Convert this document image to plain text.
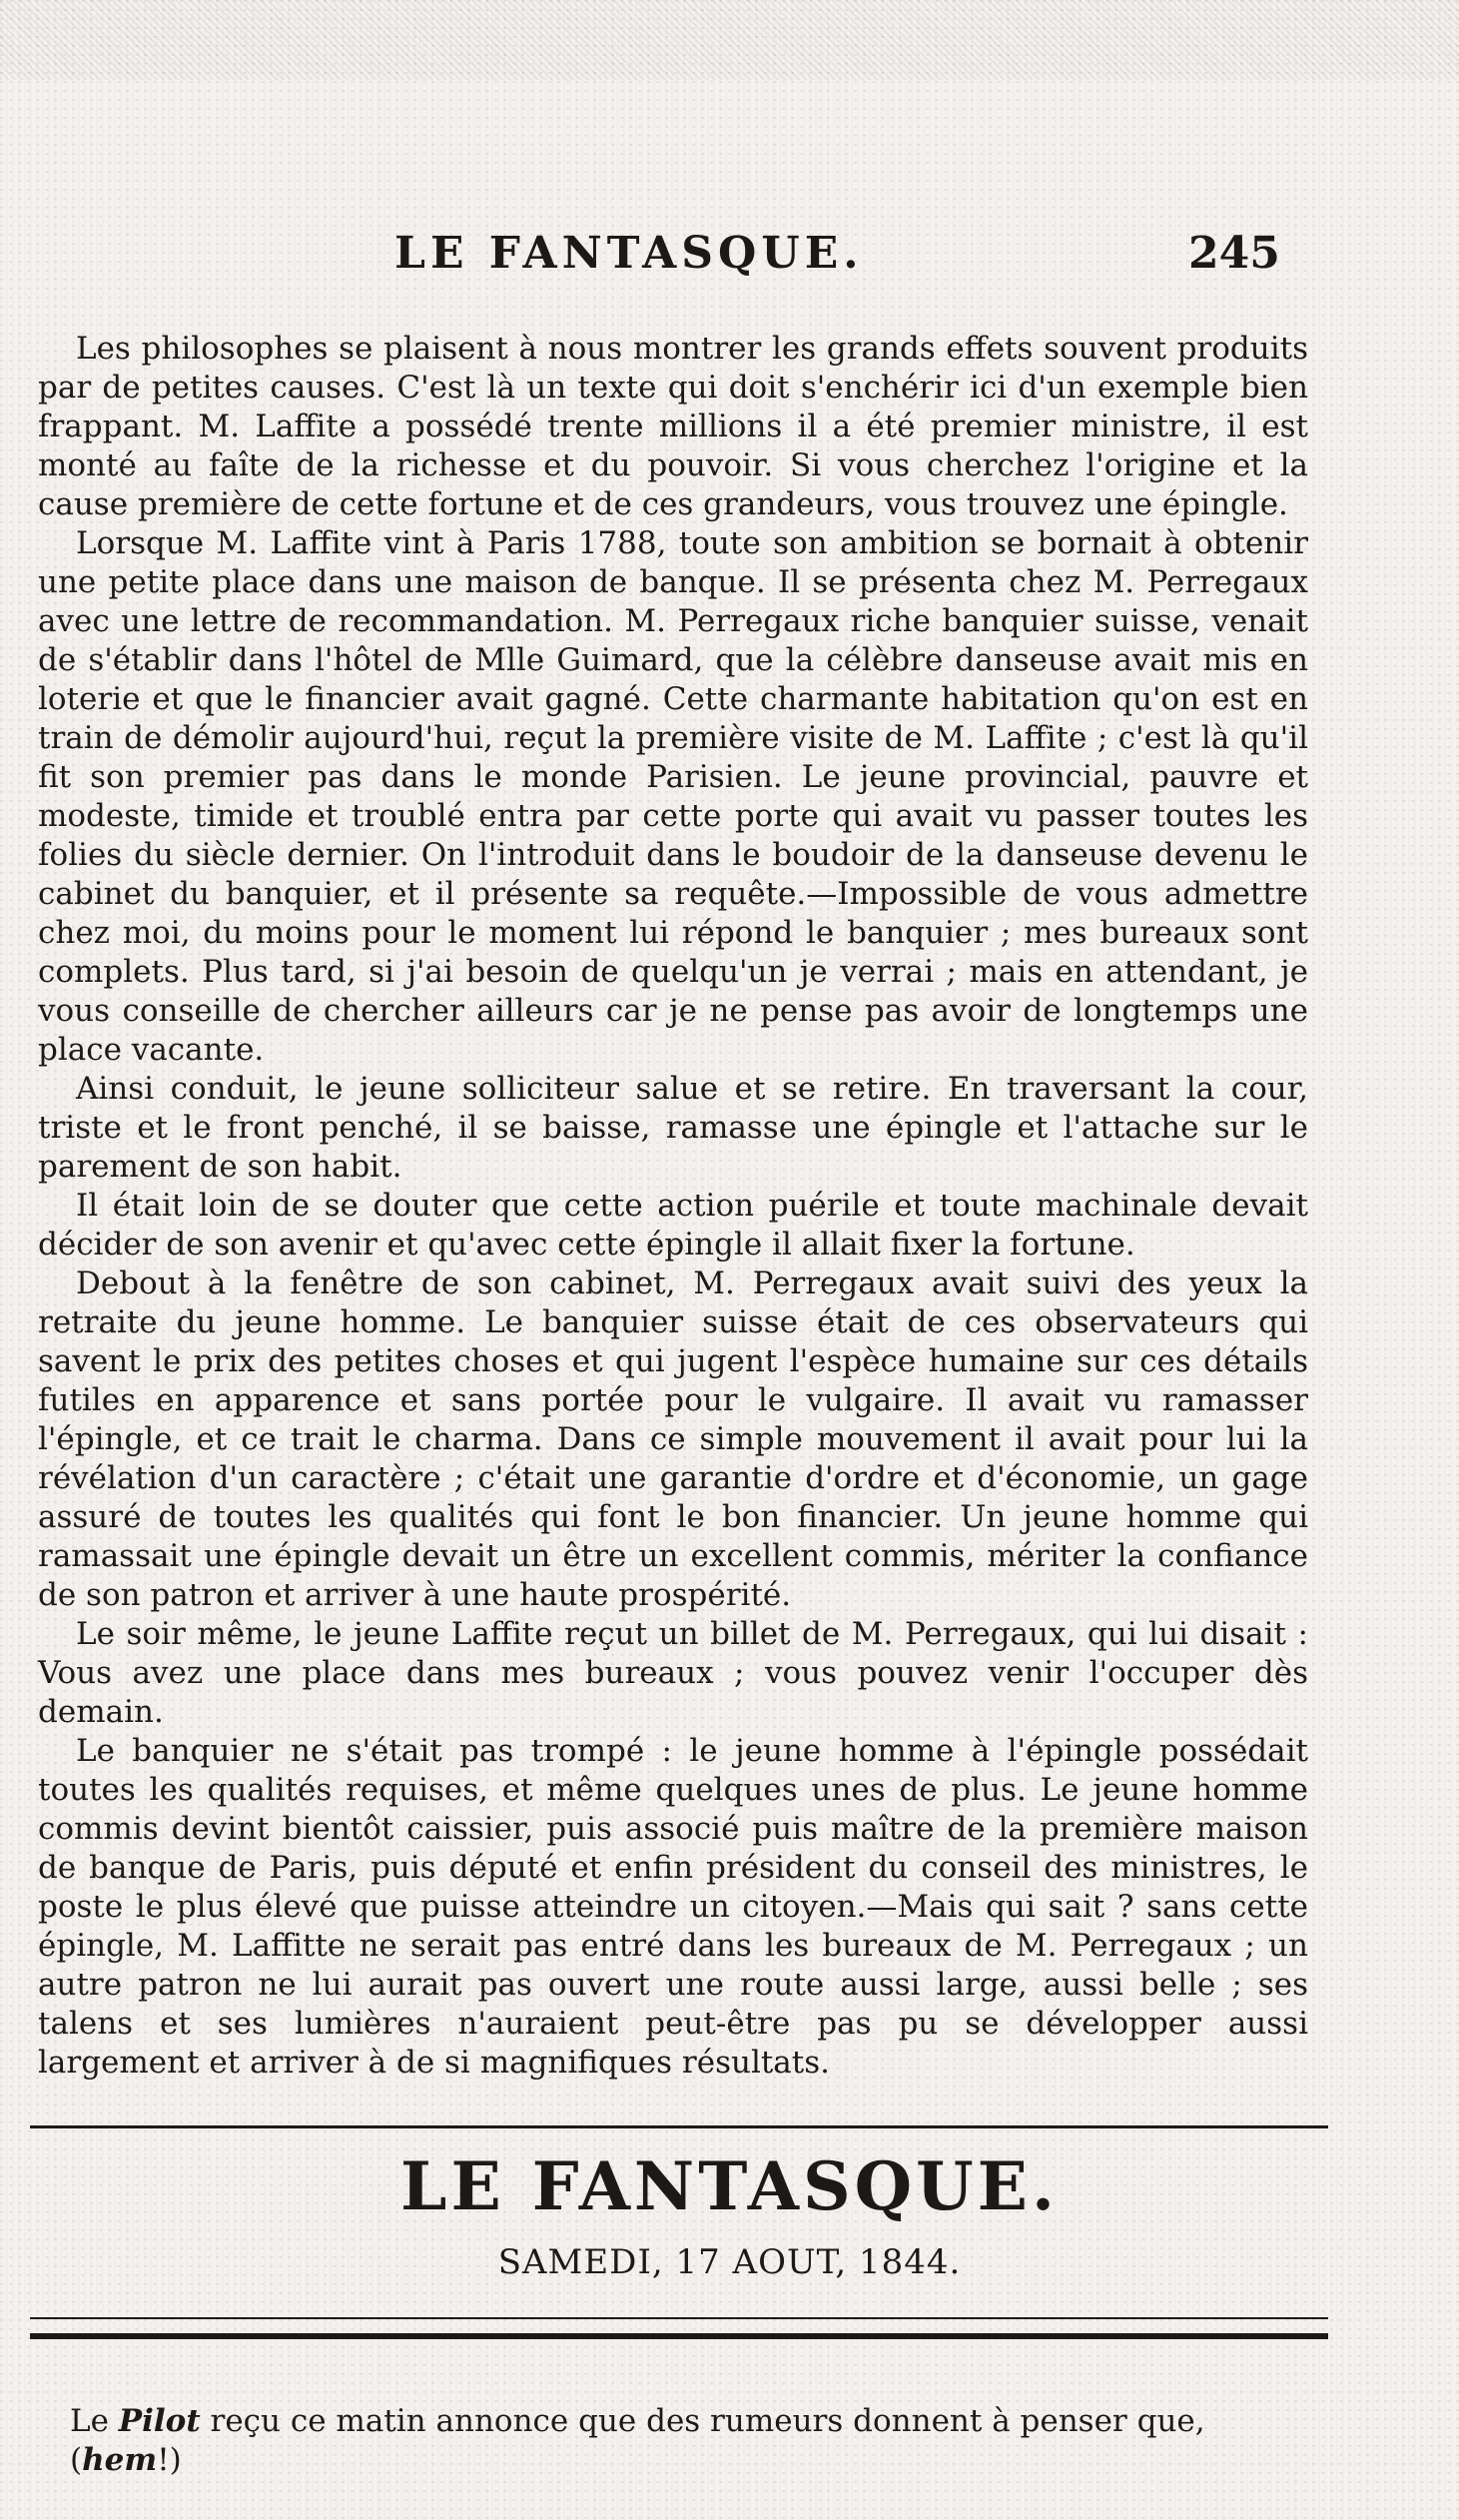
LE FANTASQUE.	245

Les philosophes se plaisent à nous montrer les grands effets souvent produits par de petites causes. C'est là un texte qui doit s'enchérir ici d'un exemple bien frappant. M. Laffite a possédé trente millions il a été premier ministre, il est monté au faîte de la richesse et du pouvoir. Si vous cherchez l'origine et la cause première de cette fortune et de ces grandeurs, vous trouvez une épingle.

Lorsque M. Laffite vint à Paris 1788, toute son ambition se bornait à obtenir une petite place dans une maison de banque. Il se présenta chez M. Perregaux avec une lettre de recommandation. M. Perregaux riche banquier suisse, venait de s'établir dans l'hôtel de Mlle Guimard, que la célèbre danseuse avait mis en loterie et que le financier avait gagné. Cette charmante habitation qu'on est en train de démolir aujourd'hui, reçut la première visite de M. Laffite ; c'est là qu'il fit son premier pas dans le monde Parisien. Le jeune provincial, pauvre et modeste, timide et troublé entra par cette porte qui avait vu passer toutes les folies du siècle dernier. On l'introduit dans le boudoir de la danseuse devenu le cabinet du banquier, et il présente sa requête.—Impossible de vous admettre chez moi, du moins pour le moment lui répond le banquier ; mes bureaux sont complets. Plus tard, si j'ai besoin de quelqu'un je verrai ; mais en attendant, je vous conseille de chercher ailleurs car je ne pense pas avoir de longtemps une place vacante.

Ainsi conduit, le jeune solliciteur salue et se retire. En traversant la cour, triste et le front penché, il se baisse, ramasse une épingle et l'attache sur le parement de son habit.

Il était loin de se douter que cette action puérile et toute machinale devait décider de son avenir et qu'avec cette épingle il allait fixer la fortune.

Debout à la fenêtre de son cabinet, M. Perregaux avait suivi des yeux la retraite du jeune homme. Le banquier suisse était de ces observateurs qui savent le prix des petites choses et qui jugent l'espèce humaine sur ces détails futiles en apparence et sans portée pour le vulgaire. Il avait vu ramasser l'épingle, et ce trait le charma. Dans ce simple mouvement il avait pour lui la révélation d'un caractère ; c'était une garantie d'ordre et d'économie, un gage assuré de toutes les qualités qui font le bon financier. Un jeune homme qui ramassait une épingle devait un être un excellent commis, mériter la confiance de son patron et arriver à une haute prospérité.

Le soir même, le jeune Laffite reçut un billet de M. Perregaux, qui lui disait : Vous avez une place dans mes bureaux ; vous pouvez venir l'occuper dès demain.

Le banquier ne s'était pas trompé : le jeune homme à l'épingle possédait toutes les qualités requises, et même quelques unes de plus. Le jeune homme commis devint bientôt caissier, puis associé puis maître de la première maison de banque de Paris, puis député et enfin président du conseil des ministres, le poste le plus élevé que puisse atteindre un citoyen.—Mais qui sait ? sans cette épingle, M. Laffitte ne serait pas entré dans les bureaux de M. Perregaux ; un autre patron ne lui aurait pas ouvert une route aussi large, aussi belle ; ses talens et ses lumières n'auraient peut-être pas pu se développer aussi largement et arriver à de si magnifiques résultats.

LE FANTASQUE.
SAMEDI, 17 AOUT, 1844.
Le Pilot reçu ce matin annonce que des rumeurs donnent à penser que, (hem!)
